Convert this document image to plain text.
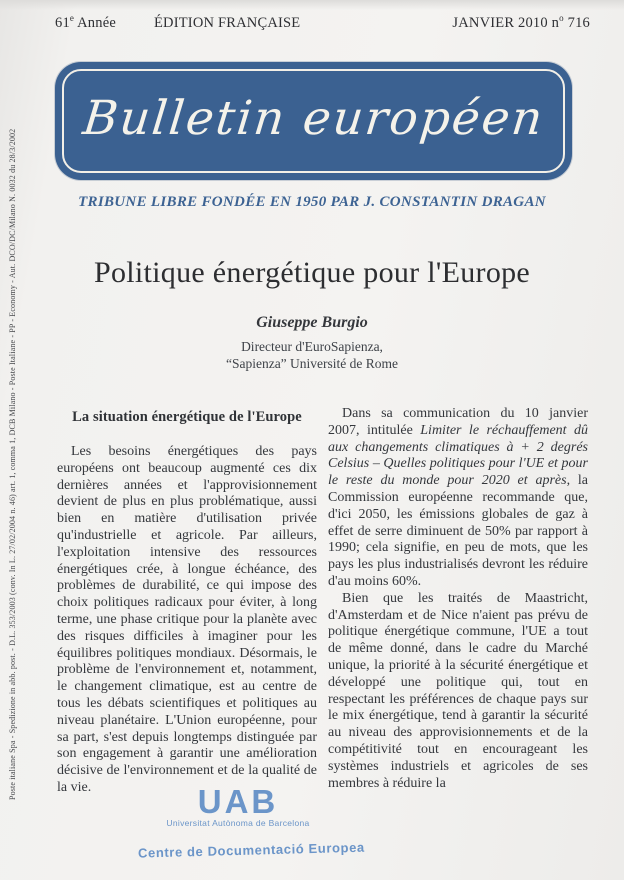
61e Année	ÉDITION FRANÇAISE	JANVIER 2010 $n^o$ 716
Bulletin européen
TRIBUNE LIBRE FONDÉE EN 1950 PAR J. CONSTANTIN DRAGAN
Politique énergétique pour l'Europe
Giuseppe Burgio
Directeur d'EuroSapienza,
“Sapienza” Université de Rome
La situation énergétique de l'Europe

Les besoins énergétiques des pays européens ont beaucoup augmenté ces dix dernières années et l'approvisionnement devient de plus en plus problématique, aussi bien en matière d'utilisation privée qu'industrielle et agricole. Par ailleurs, l'exploitation intensive des ressources énergétiques crée, à longue échéance, des problèmes de durabilité, ce qui impose des choix politiques radicaux pour éviter, à long terme, une phase critique pour la planète avec des risques difficiles à imaginer pour les équilibres politiques mondiaux. Désormais, le problème de l'environnement et, notamment, le changement climatique, est au centre de tous les débats scientifiques et politiques au niveau planétaire. L'Union européenne, pour sa part, s'est depuis longtemps distinguée par son engagement à garantir une amélioration décisive de l'environnement et de la qualité de la vie.

Dans sa communication du 10 janvier 2007, intitulée Limiter le réchauffement dû aux changements climatiques à + 2 degrés Celsius – Quelles politiques pour l'UE et pour le reste du monde pour 2020 et après, la Commission européenne recommande que, d'ici 2050, les émissions globales de gaz à effet de serre diminuent de 50% par rapport à 1990; cela signifie, en peu de mots, que les pays les plus industrialisés devront les réduire d'au moins 60%.

Bien que les traités de Maastricht, d'Amsterdam et de Nice n'aient pas prévu de politique énergétique commune, l'UE a tout de même donné, dans le cadre du Marché unique, la priorité à la sécurité énergétique et développé une politique qui, tout en respectant les préférences de chaque pays sur le mix énergétique, tend à garantir la sécurité au niveau des approvisionnements et de la compétitivité tout en encourageant les systèmes industriels et agricoles de ses membres à réduire la

Poste italiane Spa - Spedizione in abb. post. - D.L. 353/2003 (conv. In L. 27/02/2004 n. 46) art. 1, comma 1, DCB Milano - Poste Italiane - PP - Economy - Aut. DCO/DC/Milano N. 0032 du 28/3/2002
UAB
Universitat Autònoma de Barcelona
Centre de Documentació Europea
